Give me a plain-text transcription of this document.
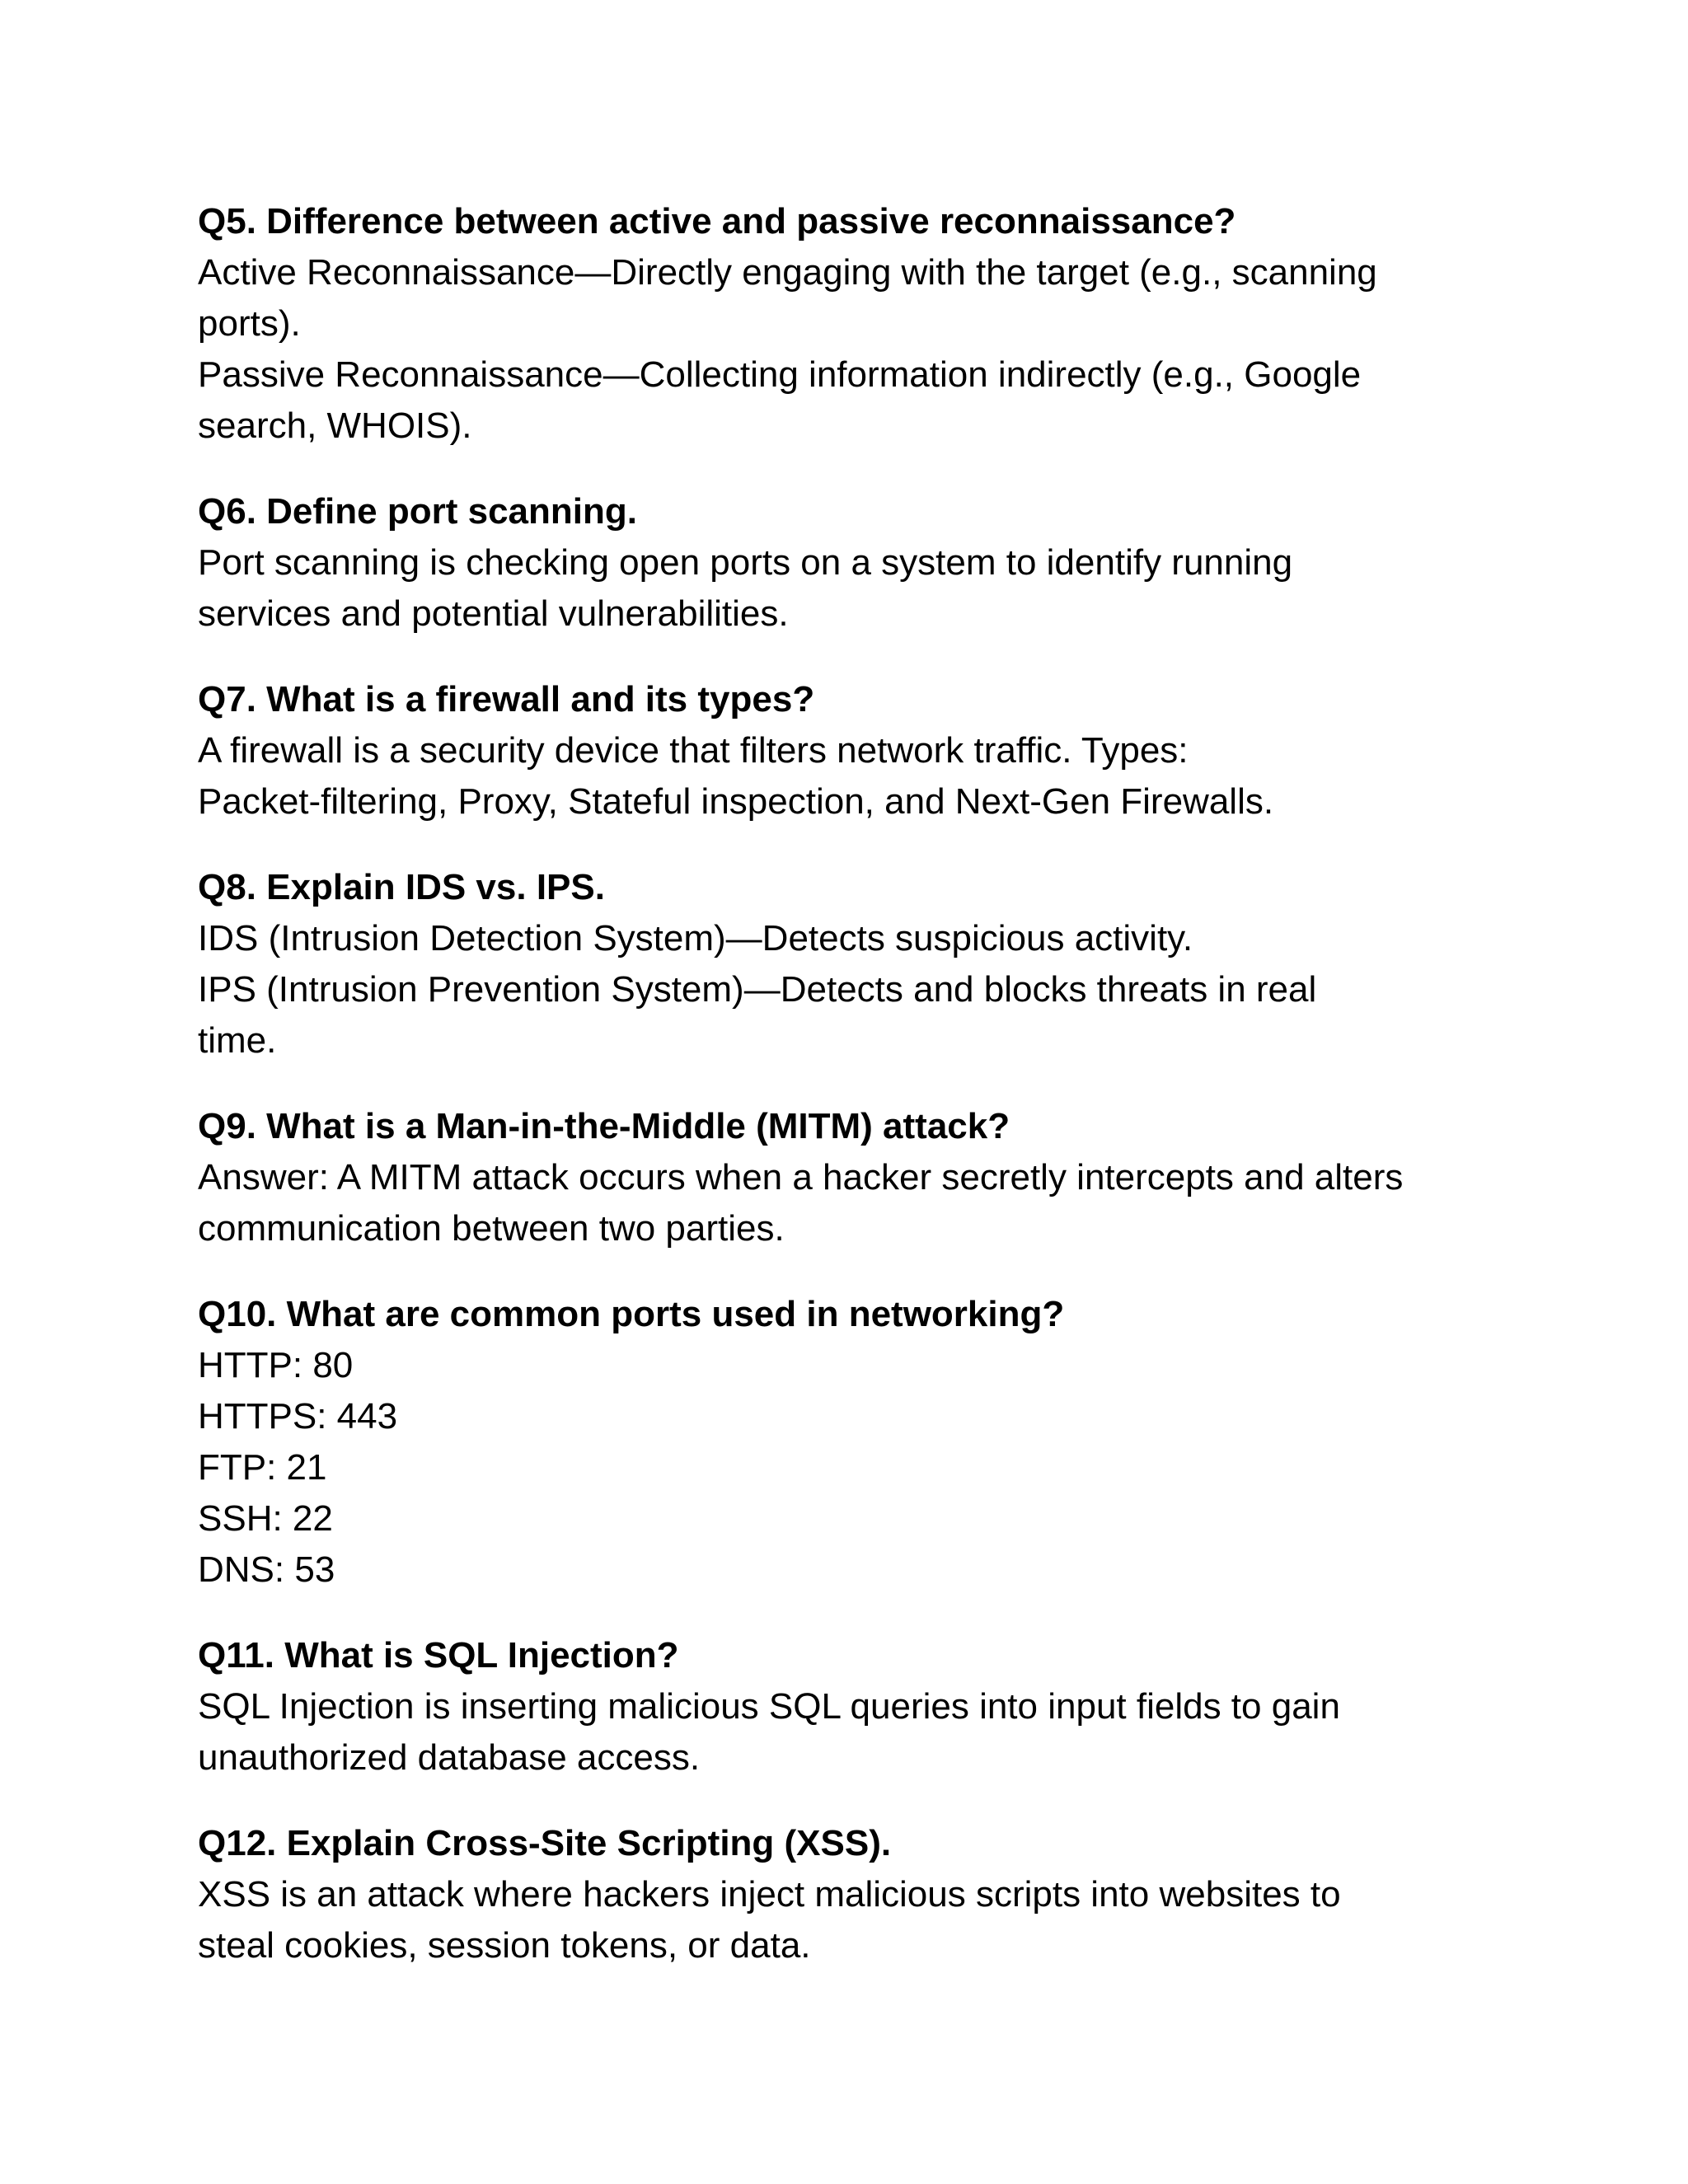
Q5. Difference between active and passive reconnaissance?

Active Reconnaissance—Directly engaging with the target (e.g., scanning

ports).

Passive Reconnaissance—Collecting information indirectly (e.g., Google

search, WHOIS).

Q6. Define port scanning.

Port scanning is checking open ports on a system to identify running

services and potential vulnerabilities.

Q7. What is a firewall and its types?

A firewall is a security device that filters network traffic. Types:

Packet-filtering, Proxy, Stateful inspection, and Next-Gen Firewalls.

Q8. Explain IDS vs. IPS.

IDS (Intrusion Detection System)—Detects suspicious activity.

IPS (Intrusion Prevention System)—Detects and blocks threats in real

time.

Q9. What is a Man-in-the-Middle (MITM) attack?

Answer: A MITM attack occurs when a hacker secretly intercepts and alters

communication between two parties.

Q10. What are common ports used in networking?

HTTP: 80

HTTPS: 443

FTP: 21

SSH: 22

DNS: 53

Q11. What is SQL Injection?

SQL Injection is inserting malicious SQL queries into input fields to gain

unauthorized database access.

Q12. Explain Cross-Site Scripting (XSS).

XSS is an attack where hackers inject malicious scripts into websites to

steal cookies, session tokens, or data.
